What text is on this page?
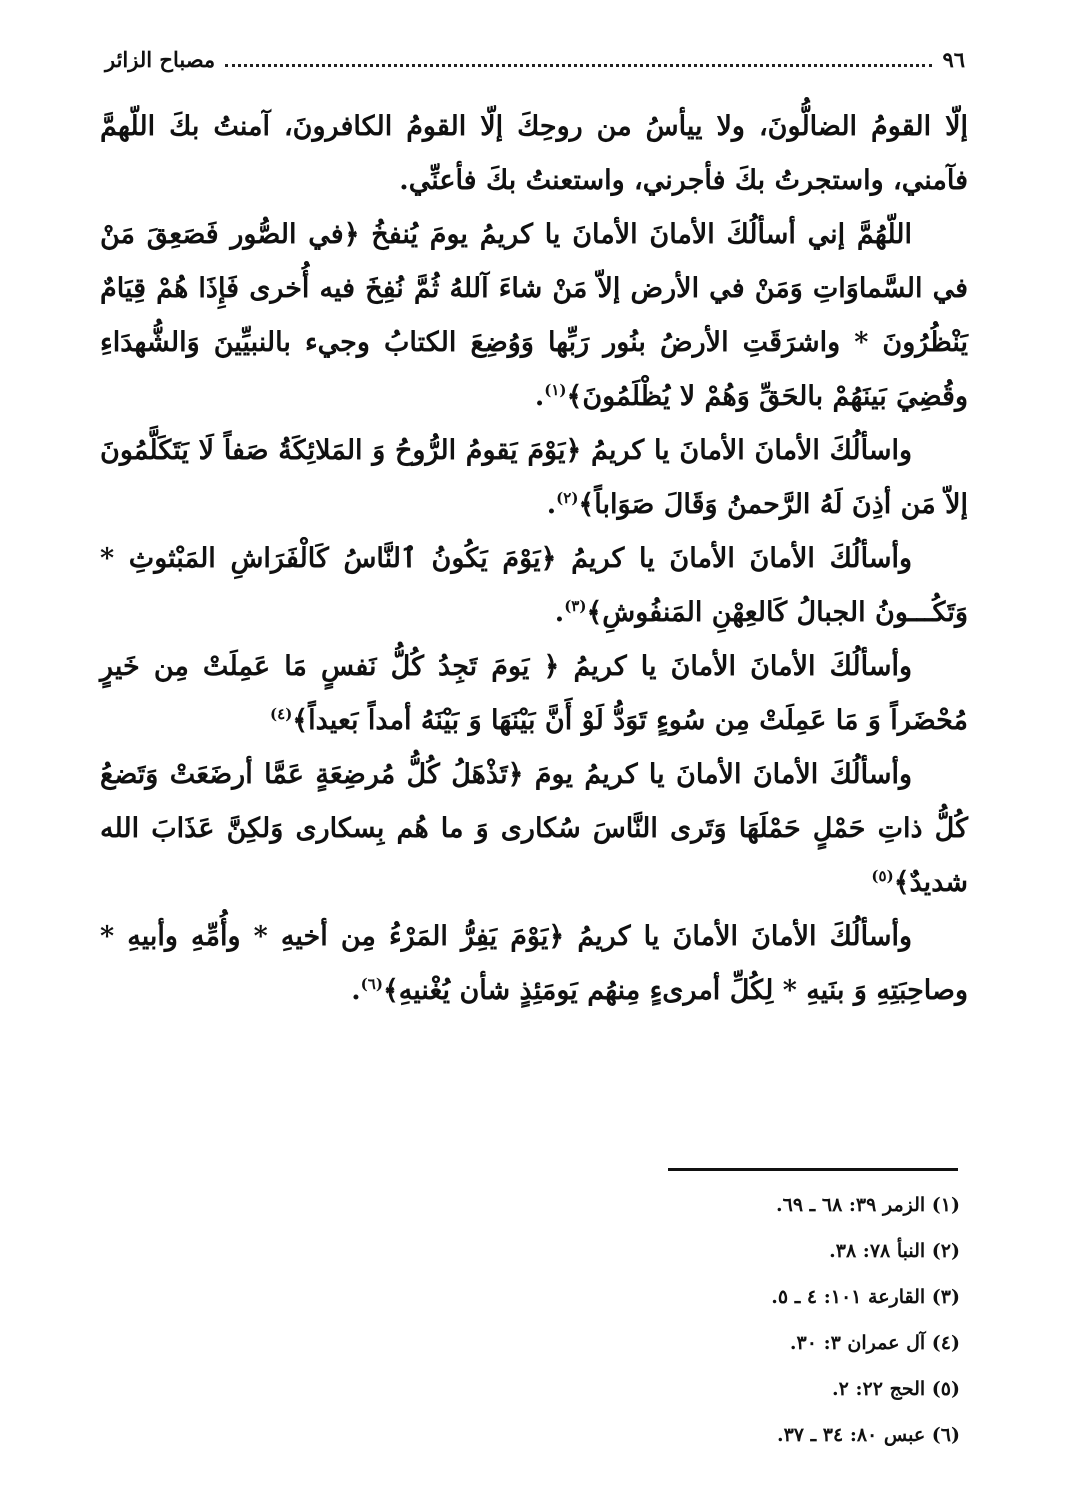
٩٦
مصباح الزائر

إلّا القومُ الضالُّونَ، ولا ييأسُ من روحِكَ إلّا القومُ الكافرونَ، آمنتُ بكَ اللّهمَّ فآمني، واستجرتُ بكَ فأجرني، واستعنتُ بكَ فأعنِّي.

اللّهُمَّ إني أسألُكَ الأمانَ الأمانَ يا كريمُ يومَ يُنفخُ ﴿في الصُّور فَصَعِقَ مَنْ في السَّماوَاتِ وَمَنْ في الأرض إلاّ مَنْ شاءَ آللهُ ثُمَّ نُفِخَ فيه أُخرى فَإِذَا هُمْ قِيَامٌ يَنْظُرُونَ * واشرَقَتِ الأرضُ بنُور رَبِّها وَوُضِعَ الكتابُ وجيء بالنبيِّينَ وَالشُّهدَاءِ وقُضِيَ بَينَهُمْ بالحَقِّ وَهُمْ لا يُظْلَمُونَ﴾$^{(١)}$.

واسألُكَ الأمانَ الأمانَ يا كريمُ ﴿يَوْمَ يَقومُ الرُّوحُ وَ المَلائِكَةُ صَفاً لَا يَتَكَلَّمُونَ إلاّ مَن أذِنَ لَهُ الرَّحمنُ وَقَالَ صَوَاباً﴾$^{(٢)}$.

وأسألُكَ الأمانَ الأمانَ يا كريمُ ﴿يَوْمَ يَكُونُ ٱلنَّاسُ كَالْفَرَاشِ المَبْثوثِ * وَتَكُـــونُ الجبالُ كَالعِهْنِ المَنفُوشِ﴾$^{(٣)}$.

وأسألُكَ الأمانَ الأمانَ يا كريمُ ﴿ يَومَ تَجِدُ كُلُّ نَفسٍ مَا عَمِلَتْ مِن خَيرٍ مُحْضَراً وَ مَا عَمِلَتْ مِن سُوءٍ تَوَدُّ لَوْ أَنَّ بَيْنَهَا وَ بَيْنَهُ أمداً بَعيداً﴾$^{(٤)}$

وأسألُكَ الأمانَ الأمانَ يا كريمُ يومَ ﴿تَذْهَلُ كُلُّ مُرضِعَةٍ عَمَّا أرضَعَتْ وَتَضعُ كُلُّ ذاتِ حَمْلٍ حَمْلَهَا وَتَرى النَّاسَ سُكارى وَ ما هُم بِسكارى وَلكِنَّ عَذَابَ الله شديدٌ﴾$^{(٥)}$

وأسألُكَ الأمانَ الأمانَ يا كريمُ ﴿يَوْمَ يَفِرُّ المَرْءُ مِن أخيهِ * وأُمِّهِ وأبيهِ * وصاحِبَتِهِ وَ بنَيهِ * لِكُلِّ أمرىءٍ مِنهُم يَومَئِذٍ شأن يُغْنيهِ﴾$^{(٦)}$.

(١) الزمر ٣٩: ٦٨ ـ ٦٩.
(٢) النبأ ٧٨: ٣٨.
(٣) القارعة ١٠١: ٤ ـ ٥.
(٤) آل عمران ٣: ٣٠.
(٥) الحج ٢٢: ٢.
(٦) عبس ٨٠: ٣٤ ـ ٣٧.
